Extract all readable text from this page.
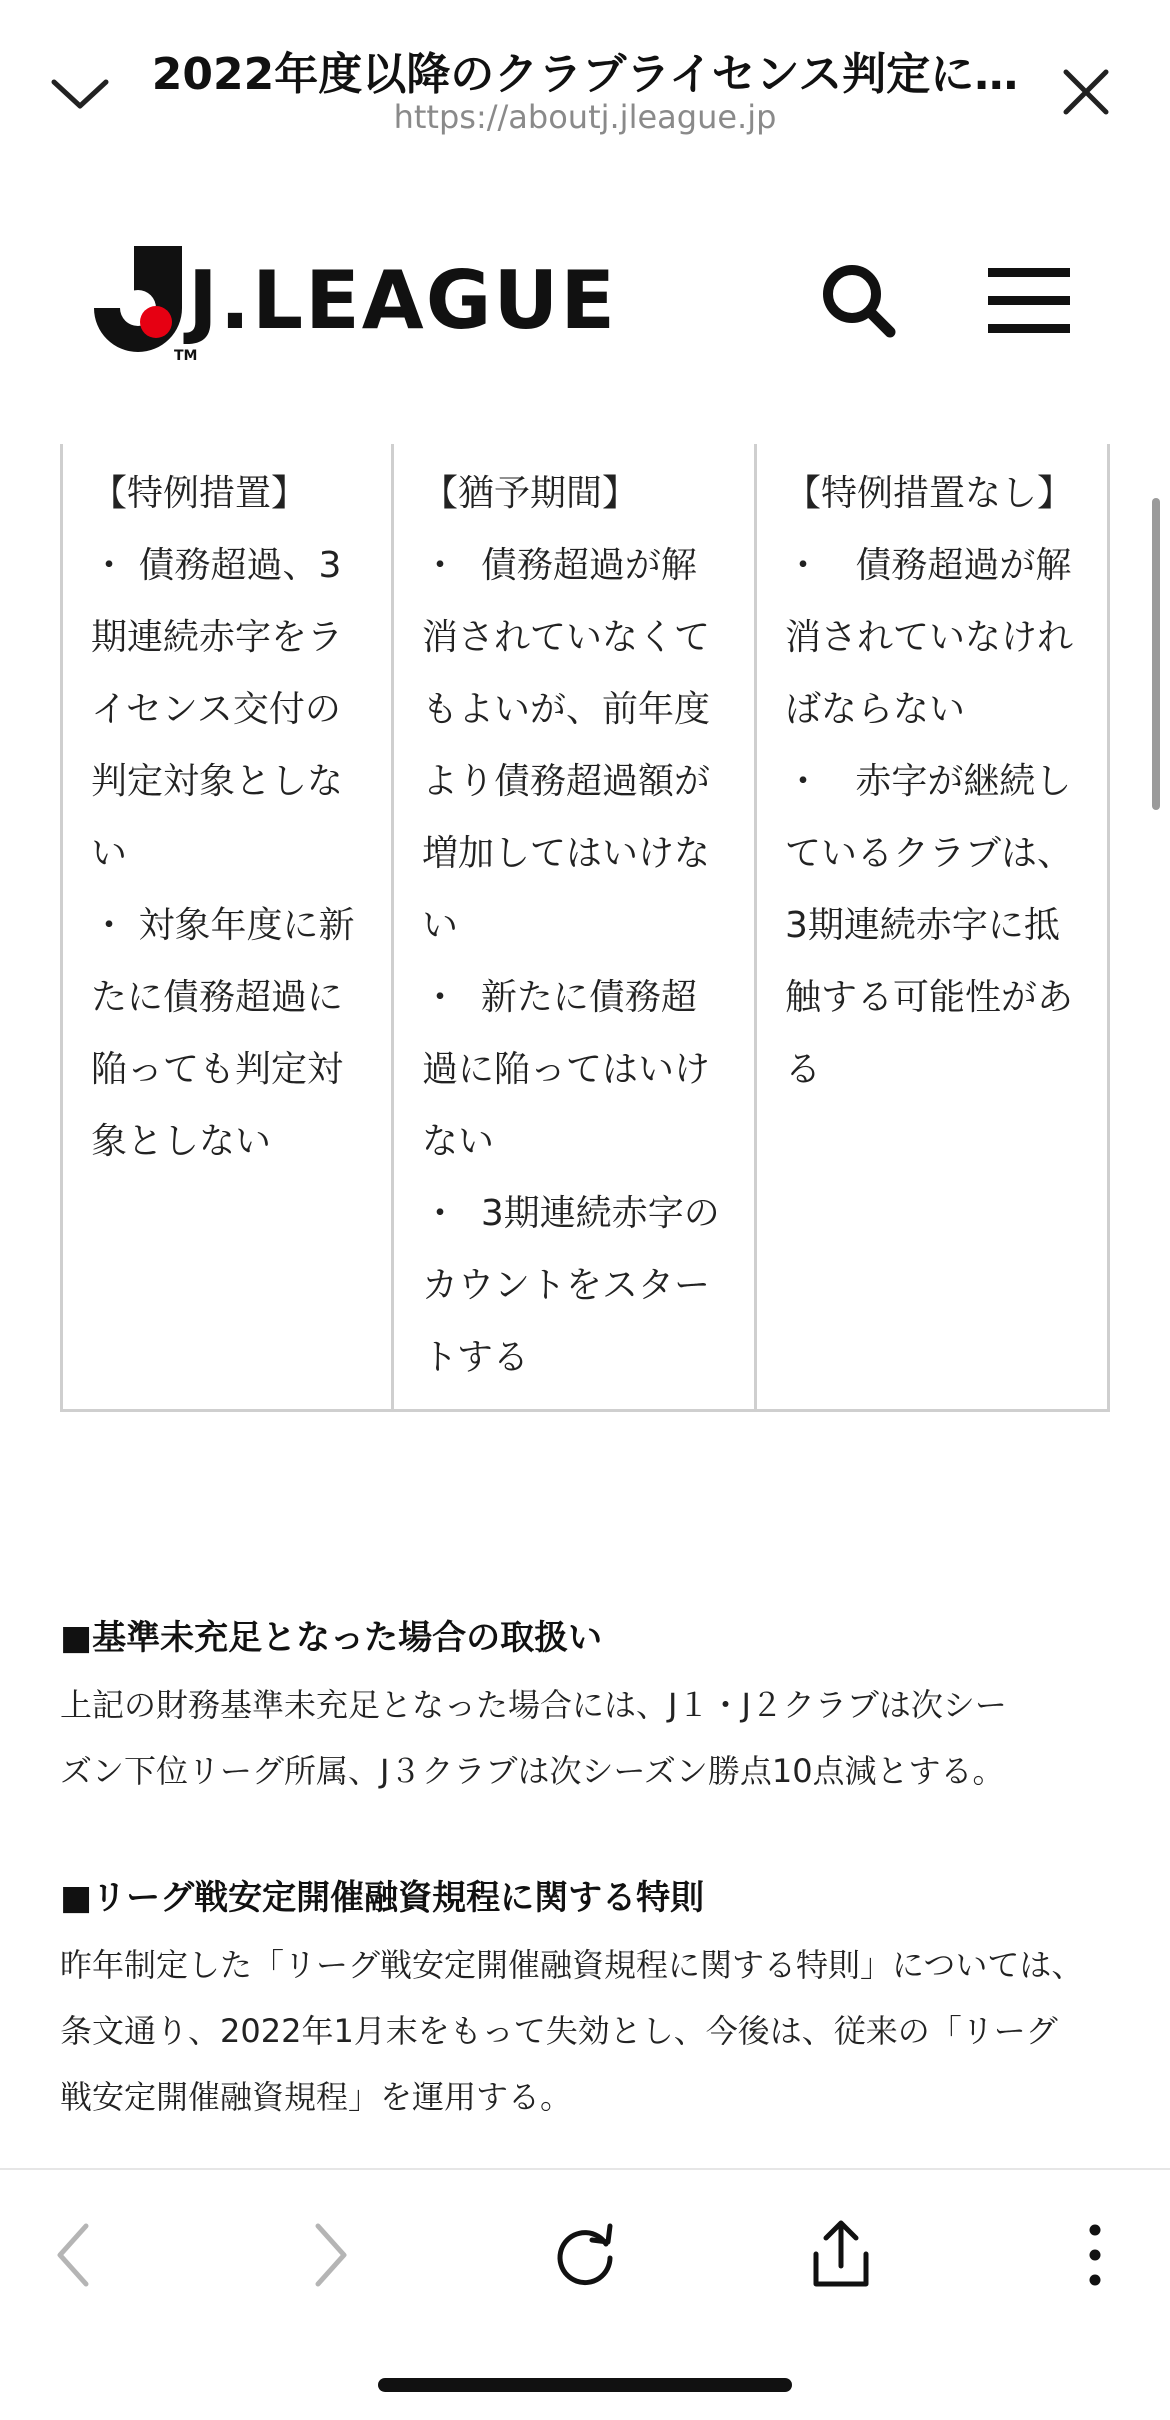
2022年度以降のクラブライセンス判定に…
https://aboutj.jleague.jp
J.LEAGUE
TM
【特例措置】
・ 債務超過、3
期連続赤字をラ
イセンス交付の
判定対象としな
い
・ 対象年度に新
たに債務超過に
陥っても判定対
象としない
【猶予期間】
・  債務超過が解
消されていなくて
もよいが、前年度
より債務超過額が
増加してはいけな
い
・  新たに債務超
過に陥ってはいけ
ない
・  3期連続赤字の
カウントをスター
トする
【特例措置なし】
・   債務超過が解
消されていなけれ
ばならない
・   赤字が継続し
ているクラブは、
3期連続赤字に抵
触する可能性があ
る
■基準未充足となった場合の取扱い

上記の財務基準未充足となった場合には、J１・J２クラブは次シー
ズン下位リーグ所属、J３クラブは次シーズン勝点10点減とする。

■リーグ戦安定開催融資規程に関する特則

昨年制定した「リーグ戦安定開催融資規程に関する特則」については、
条文通り、2022年1月末をもって失効とし、今後は、従来の「リーグ
戦安定開催融資規程」を運用する。
